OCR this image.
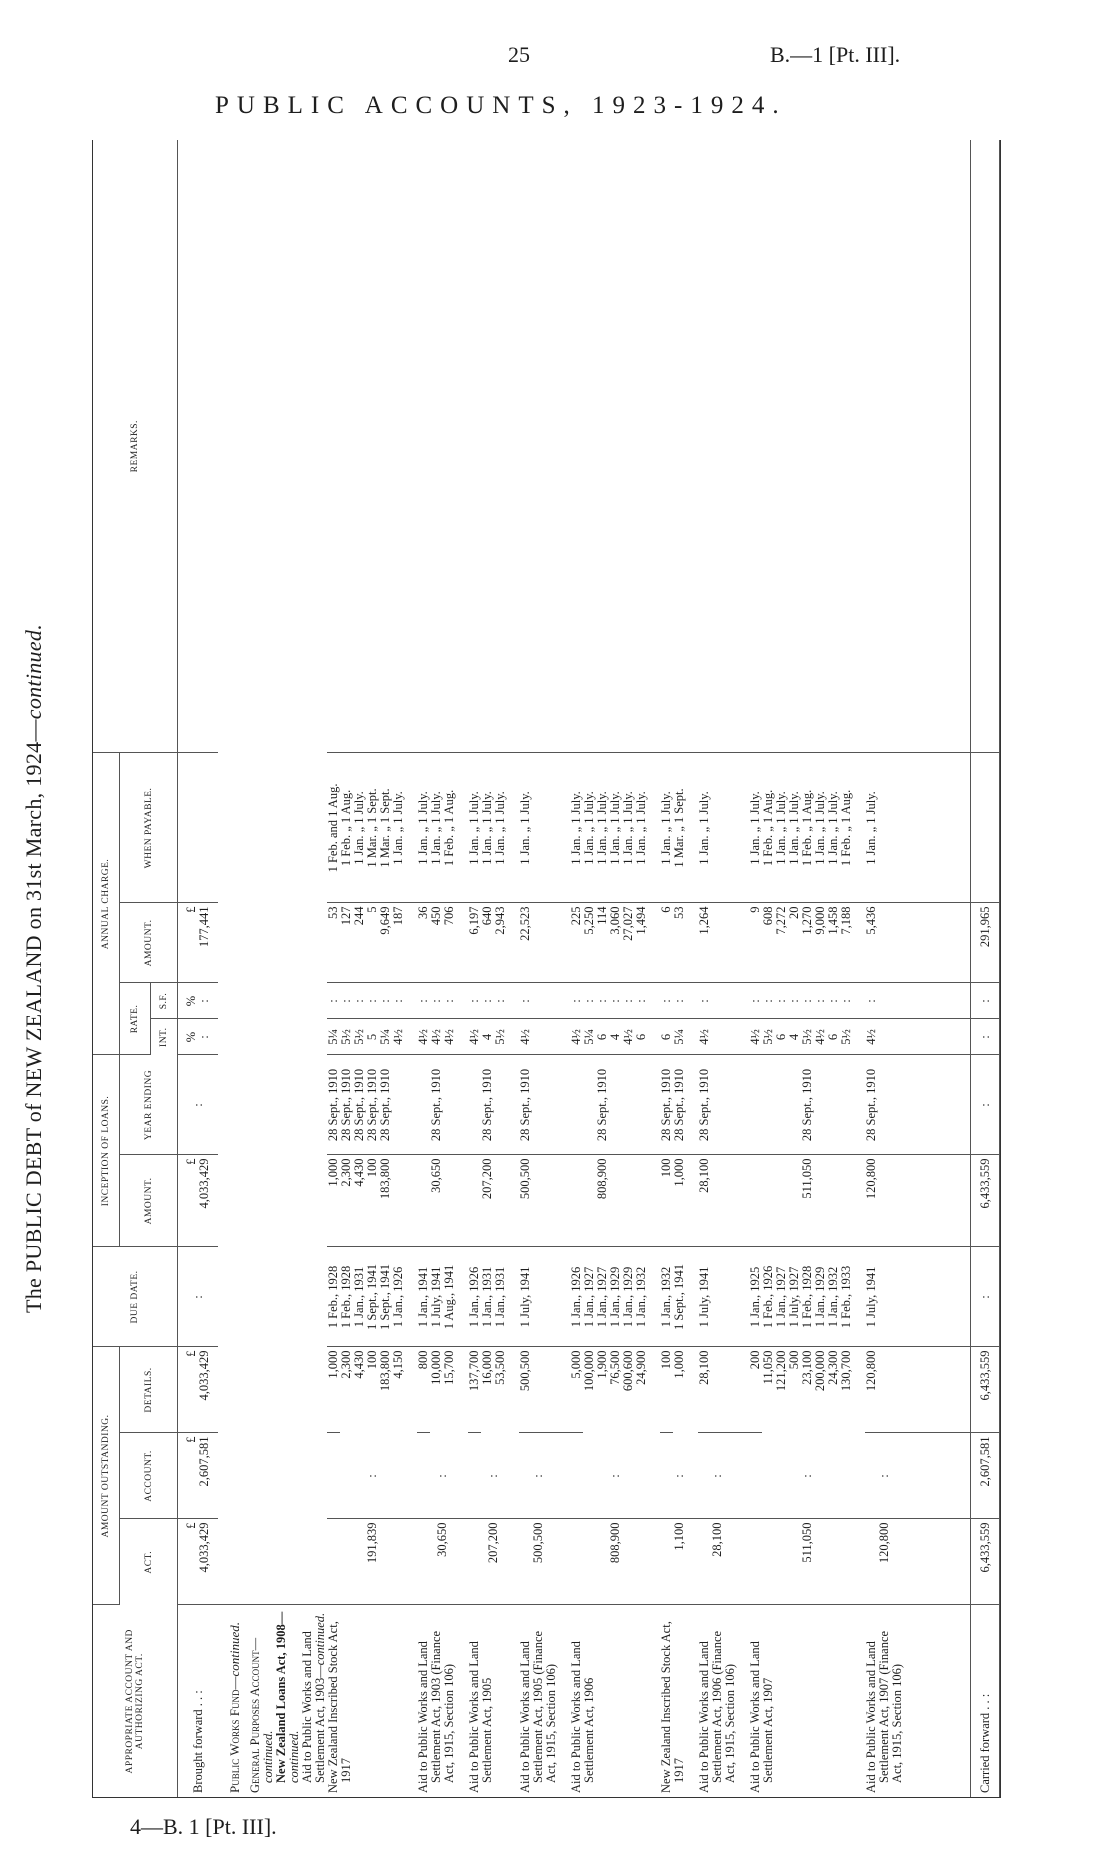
25	B.—1 [Pt. III].
PUBLIC ACCOUNTS, 1923-1924.
The PUBLIC DEBT of NEW ZEALAND on 31st March, 1924—continued.
APPROPRIATE ACCOUNT AND AUTHORIZING ACT.	AMOUNT OUTSTANDING.			DUE DATE.	INCEPTION OF LOANS.		ANNUAL CHARGE.				REMARKS.
	ACT.	ACCOUNT.	DETAILS.		AMOUNT.	YEAR ENDING	RATE.		AMOUNT.	WHEN PAYABLE.	
							INT.	S.F.			
Brought forward . . :	£ 4,033,429	£ 2,607,581	£ 4,033,429	:	£ 4,033,429	:	% :	% :	£ 177,441		
Public Works Fund—continued.											
General Purposes Account—continued.
New Zealand Loans Act, 1908—continued.
Aid to Public Works and Land Settlement Act, 1903—continued.											
New Zealand Inscribed Stock Act, 1917	191,839	:	1,000	1 Feb., 1928	1,000	28 Sept., 1910	5¼	:	53	1 Feb. and 1 Aug.	
			2,300	1 Feb., 1928	2,300	28 Sept., 1910	5½	:	127	1 Feb. „ 1 Aug.	
			4,430	1 Jan., 1931	4,430	28 Sept., 1910	5½	:	244	1 Jan. „ 1 July.	
			100	1 Sept., 1941	100	28 Sept., 1910	5	:	5	1 Mar. „ 1 Sept.	
			183,800	1 Sept., 1941	183,800	28 Sept., 1910	5¼	:	9,649	1 Mar. „ 1 Sept.	
			4,150	1 Jan., 1926			4½	:	187	1 Jan. „ 1 July.	
Aid to Public Works and Land Settlement Act, 1903 (Finance Act, 1915, Section 106)	30,650	:	800	1 Jan., 1941			4½	:	36	1 Jan. „ 1 July.	
			10,000	1 July, 1941	30,650	28 Sept., 1910	4½	:	450	1 Jan. „ 1 July.	
			15,700	1 Aug., 1941			4½	:	706	1 Feb. „ 1 Aug.	
Aid to Public Works and Land Settlement Act, 1905	207,200	:	137,700	1 Jan., 1926			4½	:	6,197	1 Jan. „ 1 July.	
			16,000	1 Jan., 1931	207,200	28 Sept., 1910	4	:	640	1 Jan. „ 1 July.	
			53,500	1 Jan., 1931			5½	:	2,943	1 Jan. „ 1 July.	
Aid to Public Works and Land Settlement Act, 1905 (Finance Act, 1915, Section 106)	500,500	:	500,500	1 July, 1941	500,500	28 Sept., 1910	4½	:	22,523	1 Jan. „ 1 July.	
Aid to Public Works and Land Settlement Act, 1906	808,900	:	5,000	1 Jan., 1926			4½	:	225	1 Jan. „ 1 July.	
			100,000	1 Jan., 1927			5¼	:	5,250	1 Jan. „ 1 July.	
			1,900	1 Jan., 1927	808,900	28 Sept., 1910	6	:	114	1 Jan. „ 1 July.	
			76,500	1 Jan., 1929			4	:	3,060	1 Jan. „ 1 July.	
			600,600	1 Jan., 1929			4½	:	27,027	1 Jan. „ 1 July.	
			24,900	1 Jan., 1932			6	:	1,494	1 Jan. „ 1 July.	
New Zealand Inscribed Stock Act, 1917	1,100	:	100	1 Jan., 1932	100	28 Sept., 1910	6	:	6	1 Jan. „ 1 July.	
			1,000	1 Sept., 1941	1,000	28 Sept., 1910	5¼	:	53	1 Mar. „ 1 Sept.	
Aid to Public Works and Land Settlement Act, 1906 (Finance Act, 1915, Section 106)	28,100	:	28,100	1 July, 1941	28,100	28 Sept., 1910	4½	:	1,264	1 Jan. „ 1 July.	
Aid to Public Works and Land Settlement Act, 1907	511,050	:	200	1 Jan., 1925			4½	:	9	1 Jan. „ 1 July.	
			11,050	1 Feb., 1926			5½	:	608	1 Feb. „ 1 Aug.	
			121,200	1 Jan., 1927			6	:	7,272	1 Jan. „ 1 July.	
			500	1 July, 1927			4	:	20	1 Jan. „ 1 July.	
			23,100	1 Feb., 1928	511,050	28 Sept., 1910	5½	:	1,270	1 Feb. „ 1 Aug.	
			200,000	1 Jan., 1929			4½	:	9,000	1 Jan. „ 1 July.	
			24,300	1 Jan., 1932			6	:	1,458	1 Jan. „ 1 July.	
			130,700	1 Feb., 1933			5½	:	7,188	1 Feb. „ 1 Aug.	
Aid to Public Works and Land Settlement Act, 1907 (Finance Act, 1915, Section 106)	120,800	:	120,800	1 July, 1941	120,800	28 Sept., 1910	4½	:	5,436	1 Jan. „ 1 July.	

Carried forward . . :	6,433,559	2,607,581	6,433,559	:	6,433,559	:	:	:	291,965		
4—B. 1 [Pt. III].
